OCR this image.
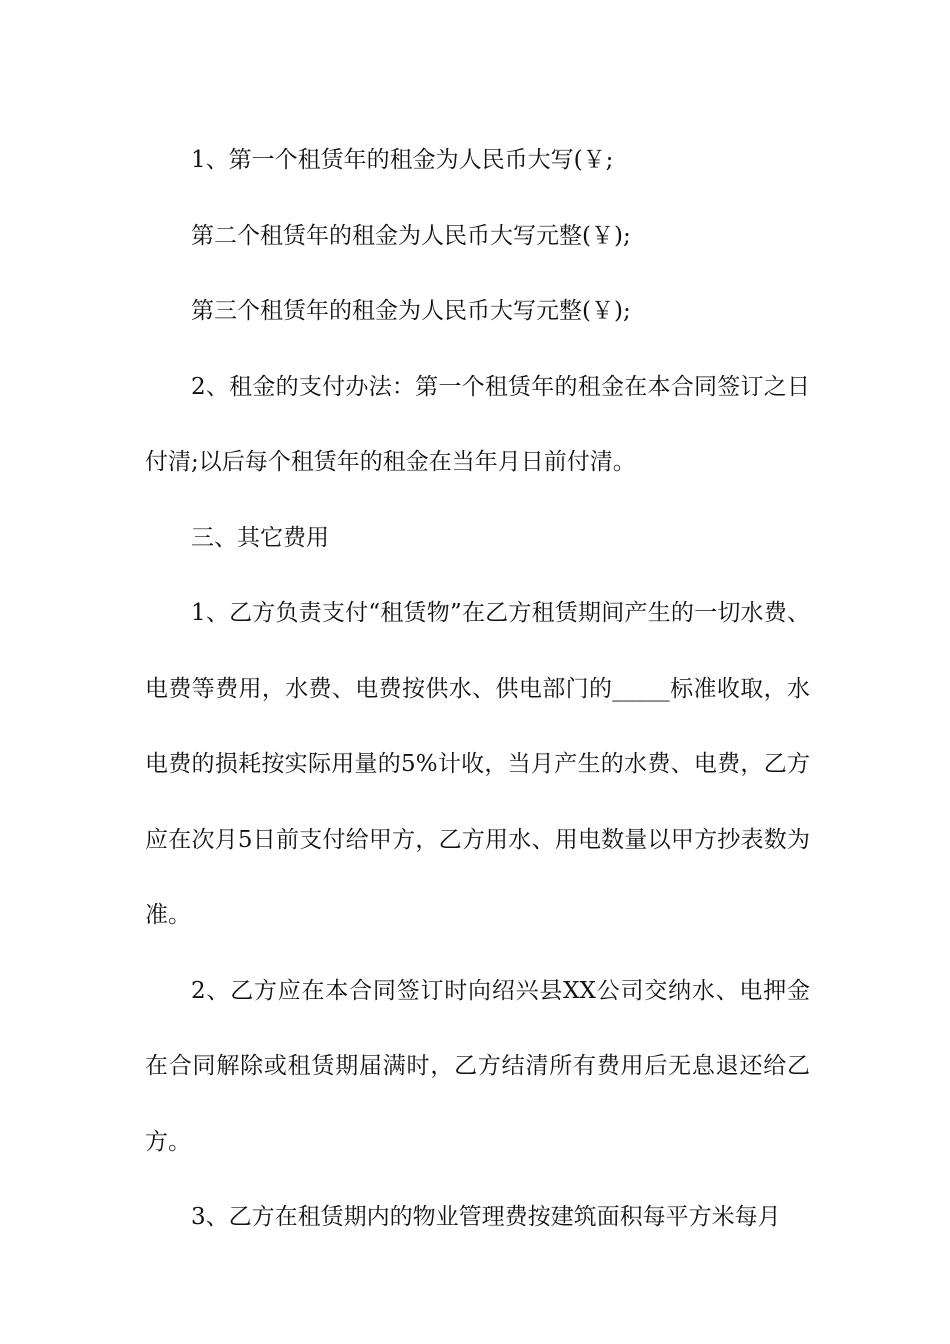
1、第一个租赁年的租金为人民币大写(￥;

第二个租赁年的租金为人民币大写元整(￥);

第三个租赁年的租金为人民币大写元整(￥);

2、租金的支付办法：第一个租赁年的租金在本合同签订之日付清;以后每个租赁年的租金在当年月日前付清。

三、其它费用

1、乙方负责支付“租赁物”在乙方租赁期间产生的一切水费、电费等费用，水费、电费按供水、供电部门的_____标准收取，水电费的损耗按实际用量的5%计收，当月产生的水费、电费，乙方应在次月5日前支付给甲方，乙方用水、用电数量以甲方抄表数为准。

2、乙方应在本合同签订时向绍兴县XX公司交纳水、电押金在合同解除或租赁期届满时，乙方结清所有费用后无息退还给乙方。

3、乙方在租赁期内的物业管理费按建筑面积每平方米每月
